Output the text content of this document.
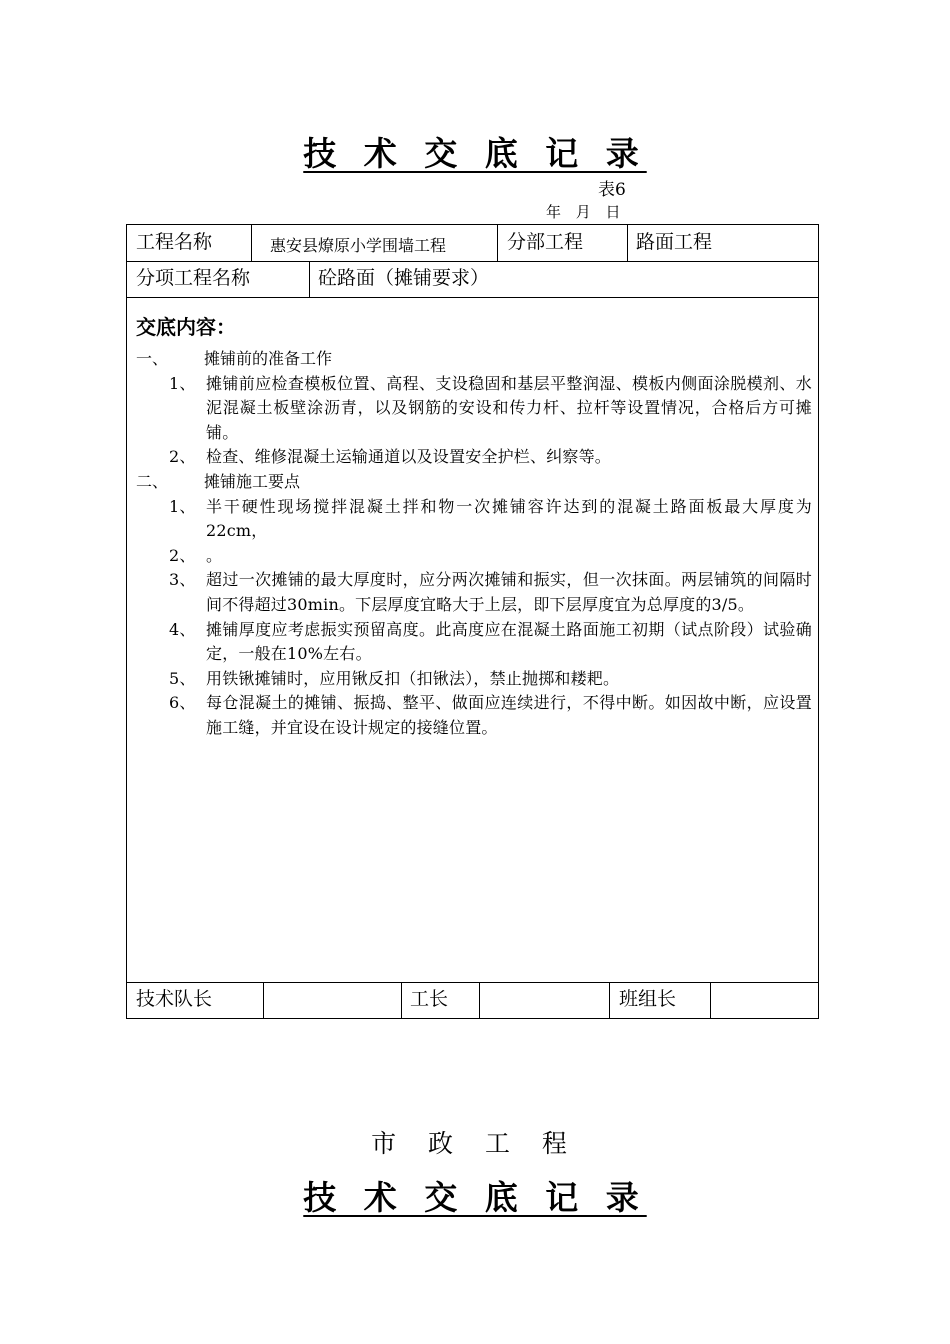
技 术 交 底 记 录
表6
年 月 日
工程名称	惠安县燎原小学围墙工程	分部工程	路面工程
分项工程名称	砼路面（摊铺要求）
交底内容：
一、 摊铺前的准备工作
1、 摊铺前应检查模板位置、高程、支设稳固和基层平整润湿、模板内侧面涂脱模剂、水泥混凝土板壁涂沥青，以及钢筋的安设和传力杆、拉杆等设置情况，合格后方可摊铺。
2、 检查、维修混凝土运输通道以及设置安全护栏、纠察等。
二、 摊铺施工要点
1、 半干硬性现场搅拌混凝土拌和物一次摊铺容许达到的混凝土路面板最大厚度为22cm，
2、 。
3、 超过一次摊铺的最大厚度时，应分两次摊铺和振实，但一次抹面。两层铺筑的间隔时间不得超过30min。下层厚度宜略大于上层，即下层厚度宜为总厚度的3/5。
4、 摊铺厚度应考虑振实预留高度。此高度应在混凝土路面施工初期（试点阶段）试验确定，一般在10%左右。
5、 用铁锹摊铺时，应用锹反扣（扣锹法），禁止抛掷和耧耙。
6、 每仓混凝土的摊铺、振捣、整平、做面应连续进行，不得中断。如因故中断，应设置施工缝，并宜设在设计规定的接缝位置。
技术队长	工长	班组长
市 政 工 程
技 术 交 底 记 录
